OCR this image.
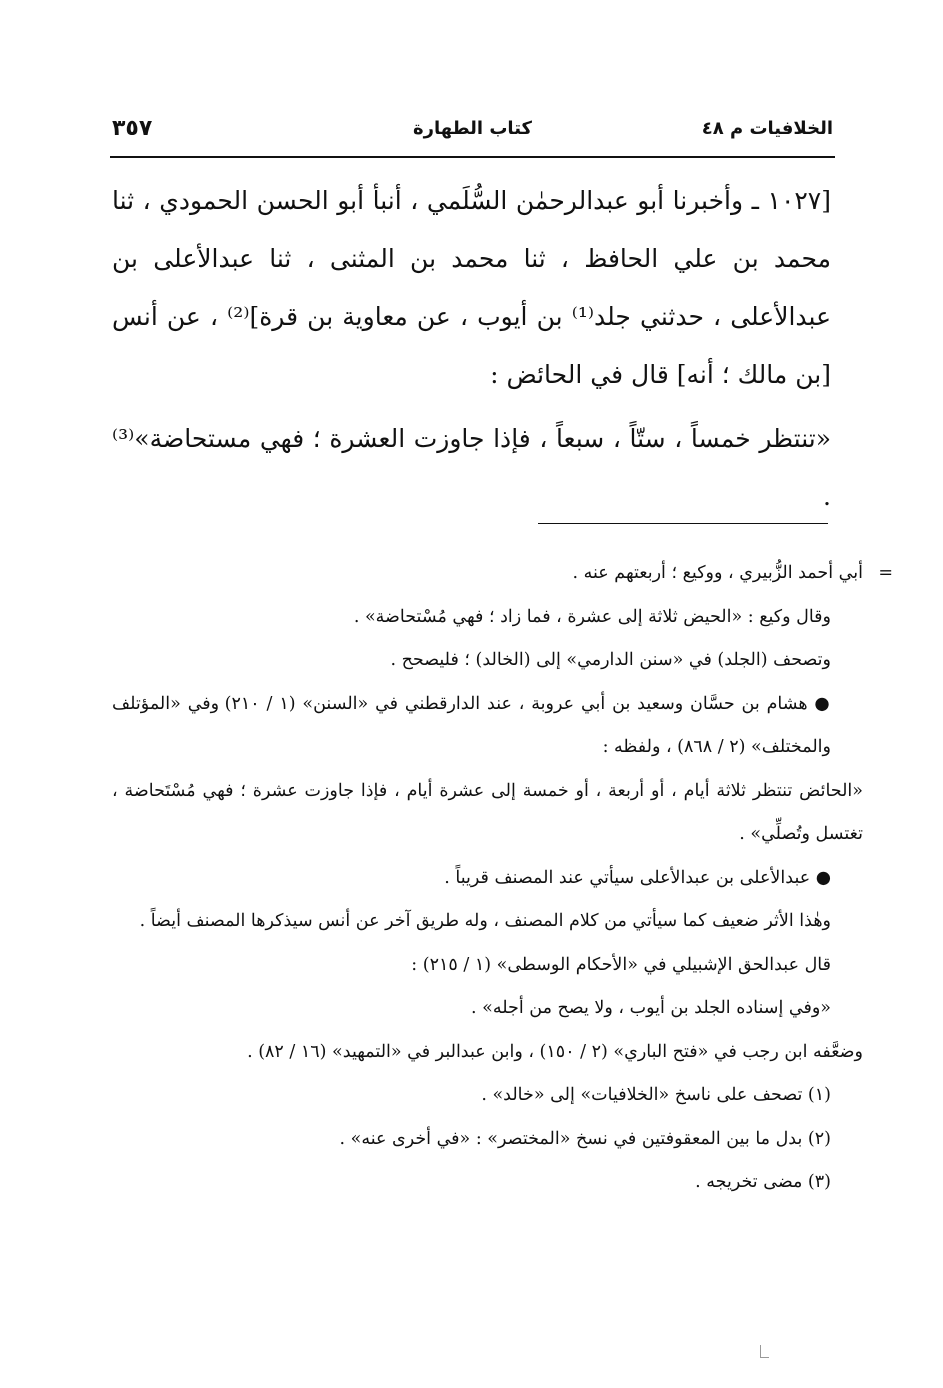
الخلافيات م ٤٨
كتاب الطهارة
٣٥٧

[١٠٢٧ ـ وأخبرنا أبو عبدالرحمٰن السُّلَمي ، أنبأ أبو الحسن الحمودي ، ثنا محمد بن علي الحافظ ، ثنا محمد بن المثنى ، ثنا عبدالأعلى بن عبدالأعلى ، حدثني جلد⁽¹⁾ بن أيوب ، عن معاوية بن قرة]⁽²⁾ ، عن أنس [بن مالك ؛ أنه] قال في الحائض :

«تنتظر خمساً ، ستّاً ، سبعاً ، فإذا جاوزت العشرة ؛ فهي مستحاضة»⁽³⁾ .

=
أبي أحمد الزُّبيري ، ووكيع ؛ أربعتهم عنه .
وقال وكيع : «الحيض ثلاثة إلى عشرة ، فما زاد ؛ فهي مُسْتحاضة» .
وتصحف (الجلد) في «سنن الدارمي» إلى (الخالد) ؛ فليصحح .
● هشام بن حسَّان وسعيد بن أبي عروبة ، عند الدارقطني في «السنن» (١ / ٢١٠) وفي «المؤتلف والمختلف» (٢ / ٨٦٨) ، ولفظه :
«الحائض تنتظر ثلاثة أيام ، أو أربعة ، أو خمسة إلى عشرة أيام ، فإذا جاوزت عشرة ؛ فهي مُسْتَحاضة ، تغتسل وتُصلِّي» .
● عبدالأعلى بن عبدالأعلى سيأتي عند المصنف قريباً .
وهٰذا الأثر ضعيف كما سيأتي من كلام المصنف ، وله طريق آخر عن أنس سيذكرها المصنف أيضاً .
قال عبدالحق الإشبيلي في «الأحكام الوسطى» (١ / ٢١٥) :
«وفي إسناده الجلد بن أيوب ، ولا يصح من أجله» .
وضعَّفه ابن رجب في «فتح الباري» (٢ / ١٥٠) ، وابن عبدالبر في «التمهيد» (١٦ / ٨٢) .
(١) تصحف على ناسخ «الخلافيات» إلى «خالد» .
(٢) بدل ما بين المعقوفتين في نسخ «المختصر» : «في أخرى عنه» .
(٣) مضى تخريجه .
